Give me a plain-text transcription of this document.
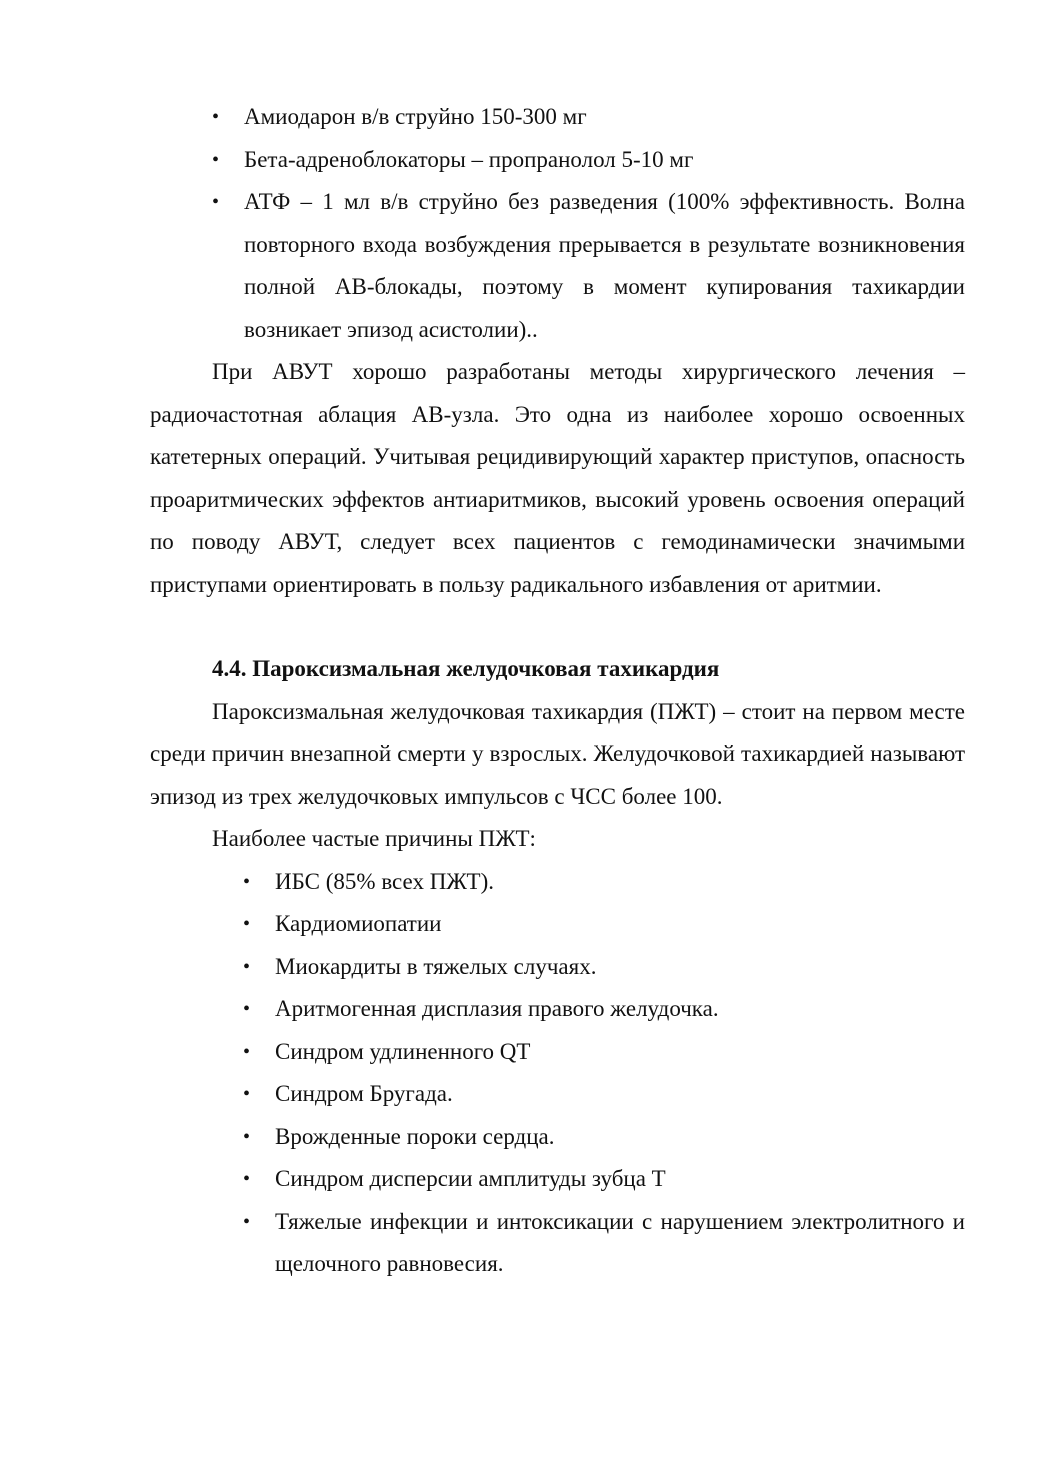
• Амиодарон в/в струйно 150-300 мг
• Бета-адреноблокаторы – пропранолол 5-10 мг
• АТФ – 1 мл в/в струйно без разведения (100% эффективность. Волна повторного входа возбуждения прерывается в результате возникновения полной АВ-блокады, поэтому в момент купирования тахикардии возникает эпизод асистолии)..

При АВУТ хорошо разработаны методы хирургического лечения – радиочастотная аблация АВ-узла. Это одна из наиболее хорошо освоенных катетерных операций. Учитывая рецидивирующий характер приступов, опасность проаритмических эффектов антиаритмиков, высокий уровень освоения операций по поводу АВУТ, следует всех пациентов с гемодинамически значимыми приступами ориентировать в пользу радикального избавления от аритмии.

4.4. Пароксизмальная желудочковая тахикардия

Пароксизмальная желудочковая тахикардия (ПЖТ) – стоит на первом месте среди причин внезапной смерти у взрослых. Желудочковой тахикардией называют эпизод из трех желудочковых импульсов с ЧСС более 100.

Наиболее частые причины ПЖТ:

• ИБС (85% всех ПЖТ).
• Кардиомиопатии
• Миокардиты в тяжелых случаях.
• Аритмогенная дисплазия правого желудочка.
• Синдром удлиненного QT
• Синдром Бругада.
• Врожденные пороки сердца.
• Синдром дисперсии амплитуды зубца Т
• Тяжелые инфекции и интоксикации с нарушением электролитного и щелочного равновесия.
